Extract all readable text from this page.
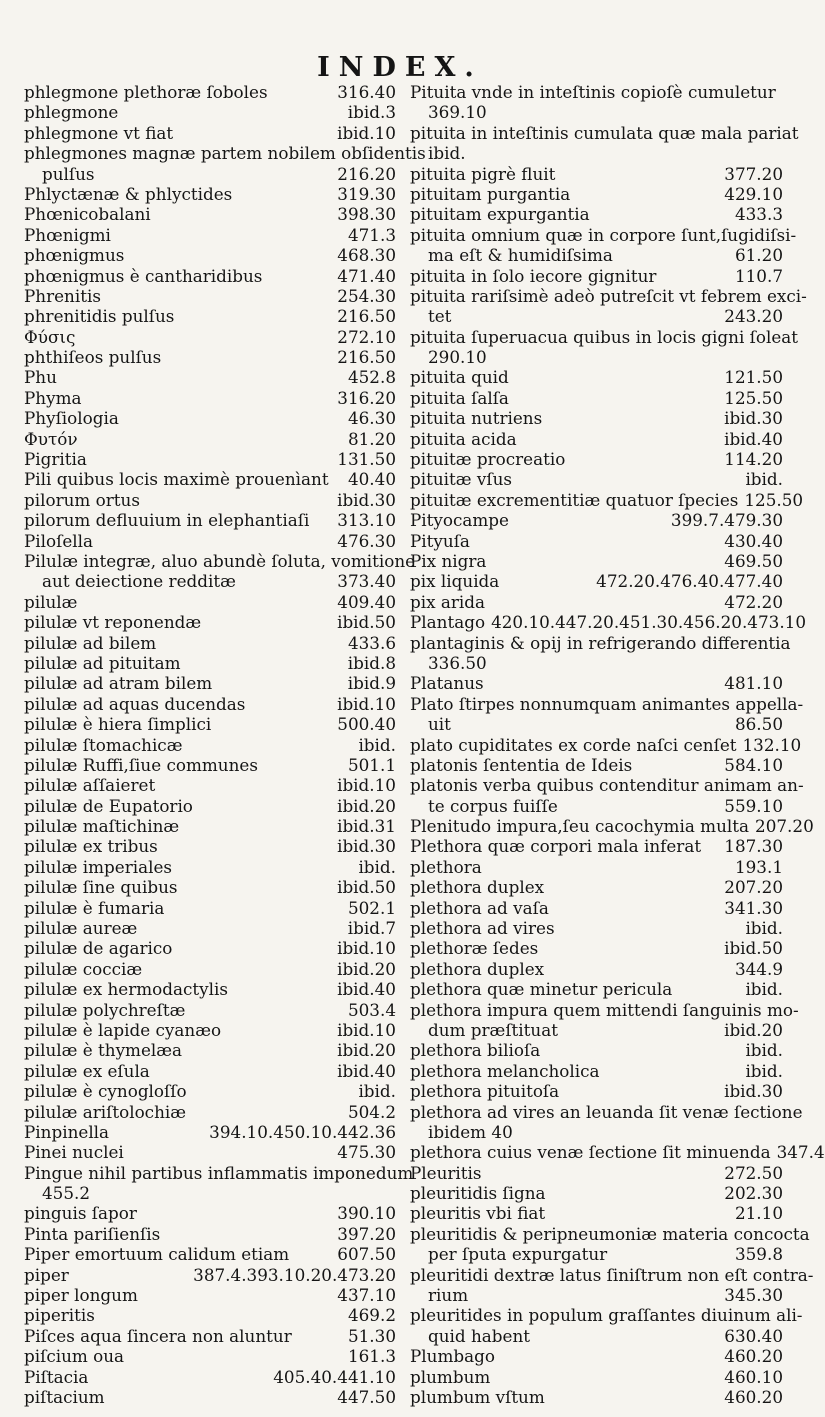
INDEX.
phlegmone plethoræ ſoboles	316.40
phlegmone	ibid.3
phlegmone vt fiat	ibid.10
phlegmones magnæ partem nobilem obſidentis
pulſus	216.20
Phlyctænæ & phlyctides	319.30
Phœnicobalani	398.30
Phœnigmi	471.3
phœnigmus	468.30
phœnigmus è cantharidibus	471.40
Phrenitis	254.30
phrenitidis pulſus	216.50
Φύσις	272.10
phthiſeos pulſus	216.50
Phu	452.8
Phyma	316.20
Phyſiologia	46.30
Φυτόν	81.20
Pigritia	131.50
Pili quibus locis maximè prouenìant	40.40
pilorum ortus	ibid.30
pilorum defluuium in elephantiaſi	313.10
Piloſella	476.30
Pilulæ integræ, aluo abundè ſoluta, vomitione
aut deiectione redditæ	373.40
pilulæ	409.40
pilulæ vt reponendæ	ibid.50
pilulæ ad bilem	433.6
pilulæ ad pituitam	ibid.8
pilulæ ad atram bilem	ibid.9
pilulæ ad aquas ducendas	ibid.10
pilulæ è hiera ſimplici	500.40
pilulæ ſtomachicæ	ibid.
pilulæ Ruffi,ſiue communes	501.1
pilulæ aſſaieret	ibid.10
pilulæ de Eupatorio	ibid.20
pilulæ maſtichinæ	ibid.31
pilulæ ex tribus	ibid.30
pilulæ imperiales	ibid.
pilulæ ſine quibus	ibid.50
pilulæ è fumaria	502.1
pilulæ aureæ	ibid.7
pilulæ de agarico	ibid.10
pilulæ cocciæ	ibid.20
pilulæ ex hermodactylis	ibid.40
pilulæ polychreſtæ	503.4
pilulæ è lapide cyanæo	ibid.10
pilulæ è thymelæa	ibid.20
pilulæ ex eſula	ibid.40
pilulæ è cynogloſſo	ibid.
pilulæ ariſtolochiæ	504.2
Pinpinella	394.10.450.10.442.36
Pinei nuclei	475.30
Pingue nihil partibus inflammatis imponedum
455.2
pinguis ſapor	390.10
Pinta pariſienſis	397.20
Piper emortuum calidum etiam	607.50
piper	387.4.393.10.20.473.20
piper longum	437.10
piperitis	469.2
Piſces aqua ſincera non aluntur	51.30
piſcium oua	161.3
Piſtacia	405.40.441.10
piſtacium	447.50
Pituita vnde in inteſtinis copioſè cumuletur
369.10
pituita in inteſtinis cumulata quæ mala pariat
ibid.
pituita pigrè fluit	377.20
pituitam purgantia	429.10
pituitam expurgantia	433.3
pituita omnium quæ in corpore ſunt,ſugidiſsi-
ma eſt & humidiſsima	61.20
pituita in ſolo iecore gignitur	110.7
pituita rariſsimè adeò putreſcit vt febrem exci-
tet	243.20
pituita ſuperuacua quibus in locis gigni ſoleat
290.10
pituita quid	121.50
pituita ſalſa	125.50
pituita nutriens	ibid.30
pituita acida	ibid.40
pituitæ procreatio	114.20
pituitæ vſus	ibid.
pituitæ excrementitiæ quatuor ſpecies 125.50
Pityocampe	399.7.479.30
Pityuſa	430.40
Pix nigra	469.50
pix liquida	472.20.476.40.477.40
pix arida	472.20
Plantago 420.10.447.20.451.30.456.20.473.10
plantaginis & opij in refrigerando differentia
336.50
Platanus	481.10
Plato ſtirpes nonnumquam animantes appella-
uit	86.50
plato cupiditates ex corde naſci cenſet 132.10
platonis ſententia de Ideis	584.10
platonis verba quibus contenditur animam an-
te corpus fuiſſe	559.10
Plenitudo impura,ſeu cacochymia multa 207.20
Plethora quæ corpori mala inferat	187.30
plethora	193.1
plethora duplex	207.20
plethora ad vaſa	341.30
plethora ad vires	ibid.
plethoræ ſedes	ibid.50
plethora duplex	344.9
plethora quæ minetur pericula	ibid.
plethora impura quem mittendi ſanguinis mo-
dum præſtituat	ibid.20
plethora bilioſa	ibid.
plethora melancholica	ibid.
plethora pituitoſa	ibid.30
plethora ad vires an leuanda ſit venæ ſectione
ibidem 40
plethora cuius venæ ſectione ſit minuenda 347.4
Pleuritis	272.50
pleuritidis ſigna	202.30
pleuritis vbi fiat	21.10
pleuritidis & peripneumoniæ materia concocta
per ſputa expurgatur	359.8
pleuritidi dextræ latus ſiniſtrum non eſt contra-
rium	345.30
pleuritides in populum graſſantes diuinum ali-
quid habent	630.40
Plumbago	460.20
plumbum	460.10
plumbum vſtum	460.20
